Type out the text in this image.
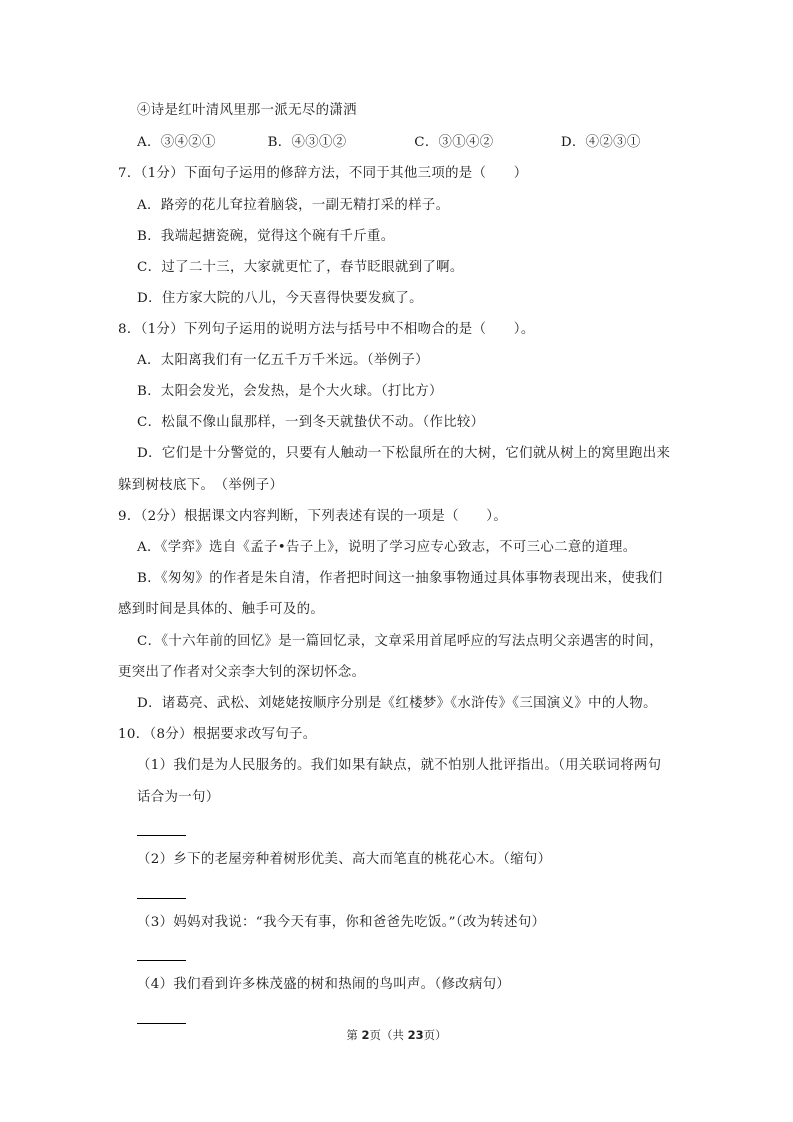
④诗是红叶清风里那一派无尽的潇洒
A．③④②①	B．④③①②	C．③①④②	D．④②③①
7．（1分）下面句子运用的修辞方法，不同于其他三项的是（　　）
A．路旁的花儿耷拉着脑袋，一副无精打采的样子。
B．我端起搪瓷碗，觉得这个碗有千斤重。
C．过了二十三，大家就更忙了，春节眨眼就到了啊。
D．住方家大院的八儿，今天喜得快要发疯了。
8．（1分）下列句子运用的说明方法与括号中不相吻合的是（　　）。
A．太阳离我们有一亿五千万千米远。（举例子）
B．太阳会发光，会发热，是个大火球。（打比方）
C．松鼠不像山鼠那样，一到冬天就蛰伏不动。（作比较）
D．它们是十分警觉的，只要有人触动一下松鼠所在的大树，它们就从树上的窝里跑出来
躲到树枝底下。　（举例子）
9．（2分）根据课文内容判断，下列表述有误的一项是（　　）。
A．《学弈》选自《孟子•告子上》，说明了学习应专心致志，不可三心二意的道理。
B．《匆匆》的作者是朱自清，作者把时间这一抽象事物通过具体事物表现出来，使我们
感到时间是具体的、触手可及的。
C．《十六年前的回忆》是一篇回忆录，文章采用首尾呼应的写法点明父亲遇害的时间，
更突出了作者对父亲李大钊的深切怀念。
D．诸葛亮、武松、刘姥姥按顺序分别是《红楼梦》《水浒传》《三国演义》中的人物。
10．（8分）根据要求改写句子。
（1）我们是为人民服务的。我们如果有缺点，就不怕别人批评指出。（用关联词将两句
话合为一句）
（2）乡下的老屋旁种着树形优美、高大而笔直的桃花心木。（缩句）
（3）妈妈对我说：“我今天有事，你和爸爸先吃饭。”（改为转述句）
（4）我们看到许多株茂盛的树和热闹的鸟叫声。（修改病句）
第 2页（共 23页）
